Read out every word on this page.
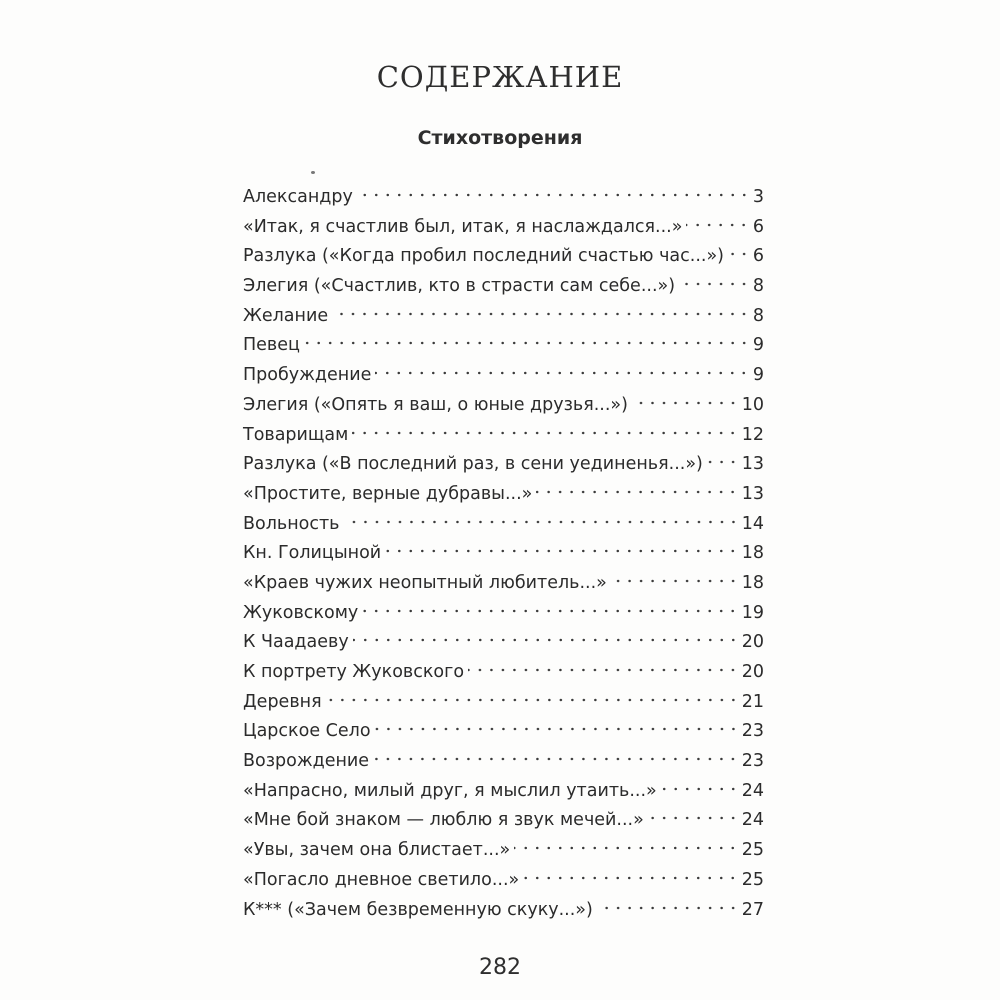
СОДЕРЖАНИЕ
Стихотворения
Александру	3
«Итак, я счастлив был, итак, я наслаждался...»	6
Разлука («Когда пробил последний счастью час...») 6
Элегия («Счастлив, кто в страсти сам себе...»)	8
Желание	8
Певец	9
Пробуждение	9
Элегия («Опять я ваш, о юные друзья...»)	10
Товарищам	12
Разлука («В последний раз, в сени уединенья...») 13
«Простите, верные дубравы...»	13
Вольность	14
Кн. Голицыной	18
«Краев чужих неопытный любитель...»	18
Жуковскому	19
К Чаадаеву	20
К портрету Жуковского	20
Деревня	21
Царское Село	23
Возрождение	23
«Напрасно, милый друг, я мыслил утаить...»	24
«Мне бой знаком — люблю я звук мечей...»	24
«Увы, зачем она блистает...»	25
«Погасло дневное светило...»	25
К*** («Зачем безвременную скуку...»)	27
282
